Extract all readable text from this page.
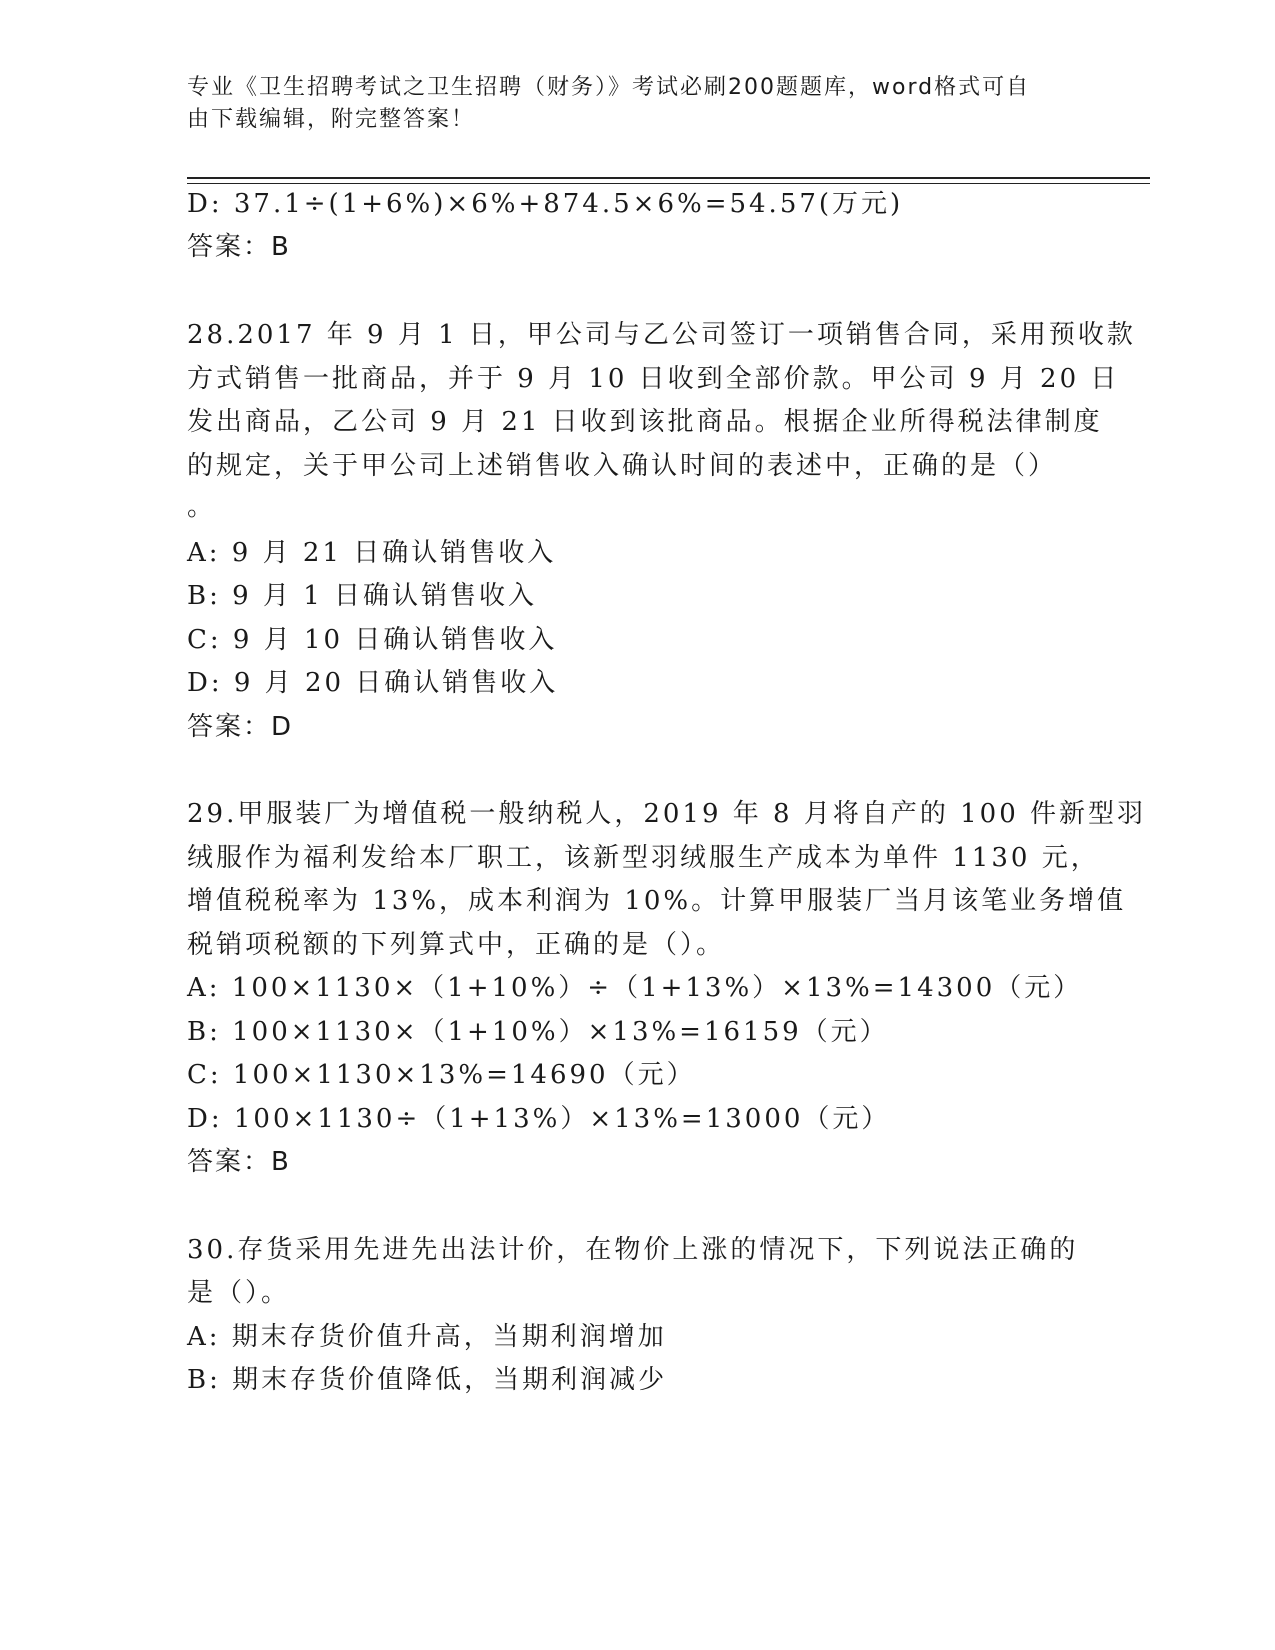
专业《卫生招聘考试之卫生招聘（财务）》考试必刷200题题库，word格式可自
由下载编辑，附完整答案！
D: 37.1÷(1+6%)×6%+874.5×6%=54.57(万元)
答案：B
28.2017 年 9 月 1 日，甲公司与乙公司签订一项销售合同，采用预收款
方式销售一批商品，并于 9 月 10 日收到全部价款。甲公司 9 月 20 日
发出商品，乙公司 9 月 21 日收到该批商品。根据企业所得税法律制度
的规定，关于甲公司上述销售收入确认时间的表述中，正确的是（）
。
A: 9 月 21 日确认销售收入
B: 9 月 1 日确认销售收入
C: 9 月 10 日确认销售收入
D: 9 月 20 日确认销售收入
答案：D
29.甲服装厂为增值税一般纳税人，2019 年 8 月将自产的 100 件新型羽
绒服作为福利发给本厂职工，该新型羽绒服生产成本为单件 1130 元，
增值税税率为 13%，成本利润为 10%。计算甲服装厂当月该笔业务增值
税销项税额的下列算式中，正确的是（）。
A: 100×1130×（1+10%）÷（1+13%）×13%=14300（元）
B: 100×1130×（1+10%）×13%=16159（元）
C: 100×1130×13%=14690（元）
D: 100×1130÷（1+13%）×13%=13000（元）
答案：B
30.存货采用先进先出法计价，在物价上涨的情况下，下列说法正确的
是（）。
A: 期末存货价值升高，当期利润增加
B: 期末存货价值降低，当期利润减少
